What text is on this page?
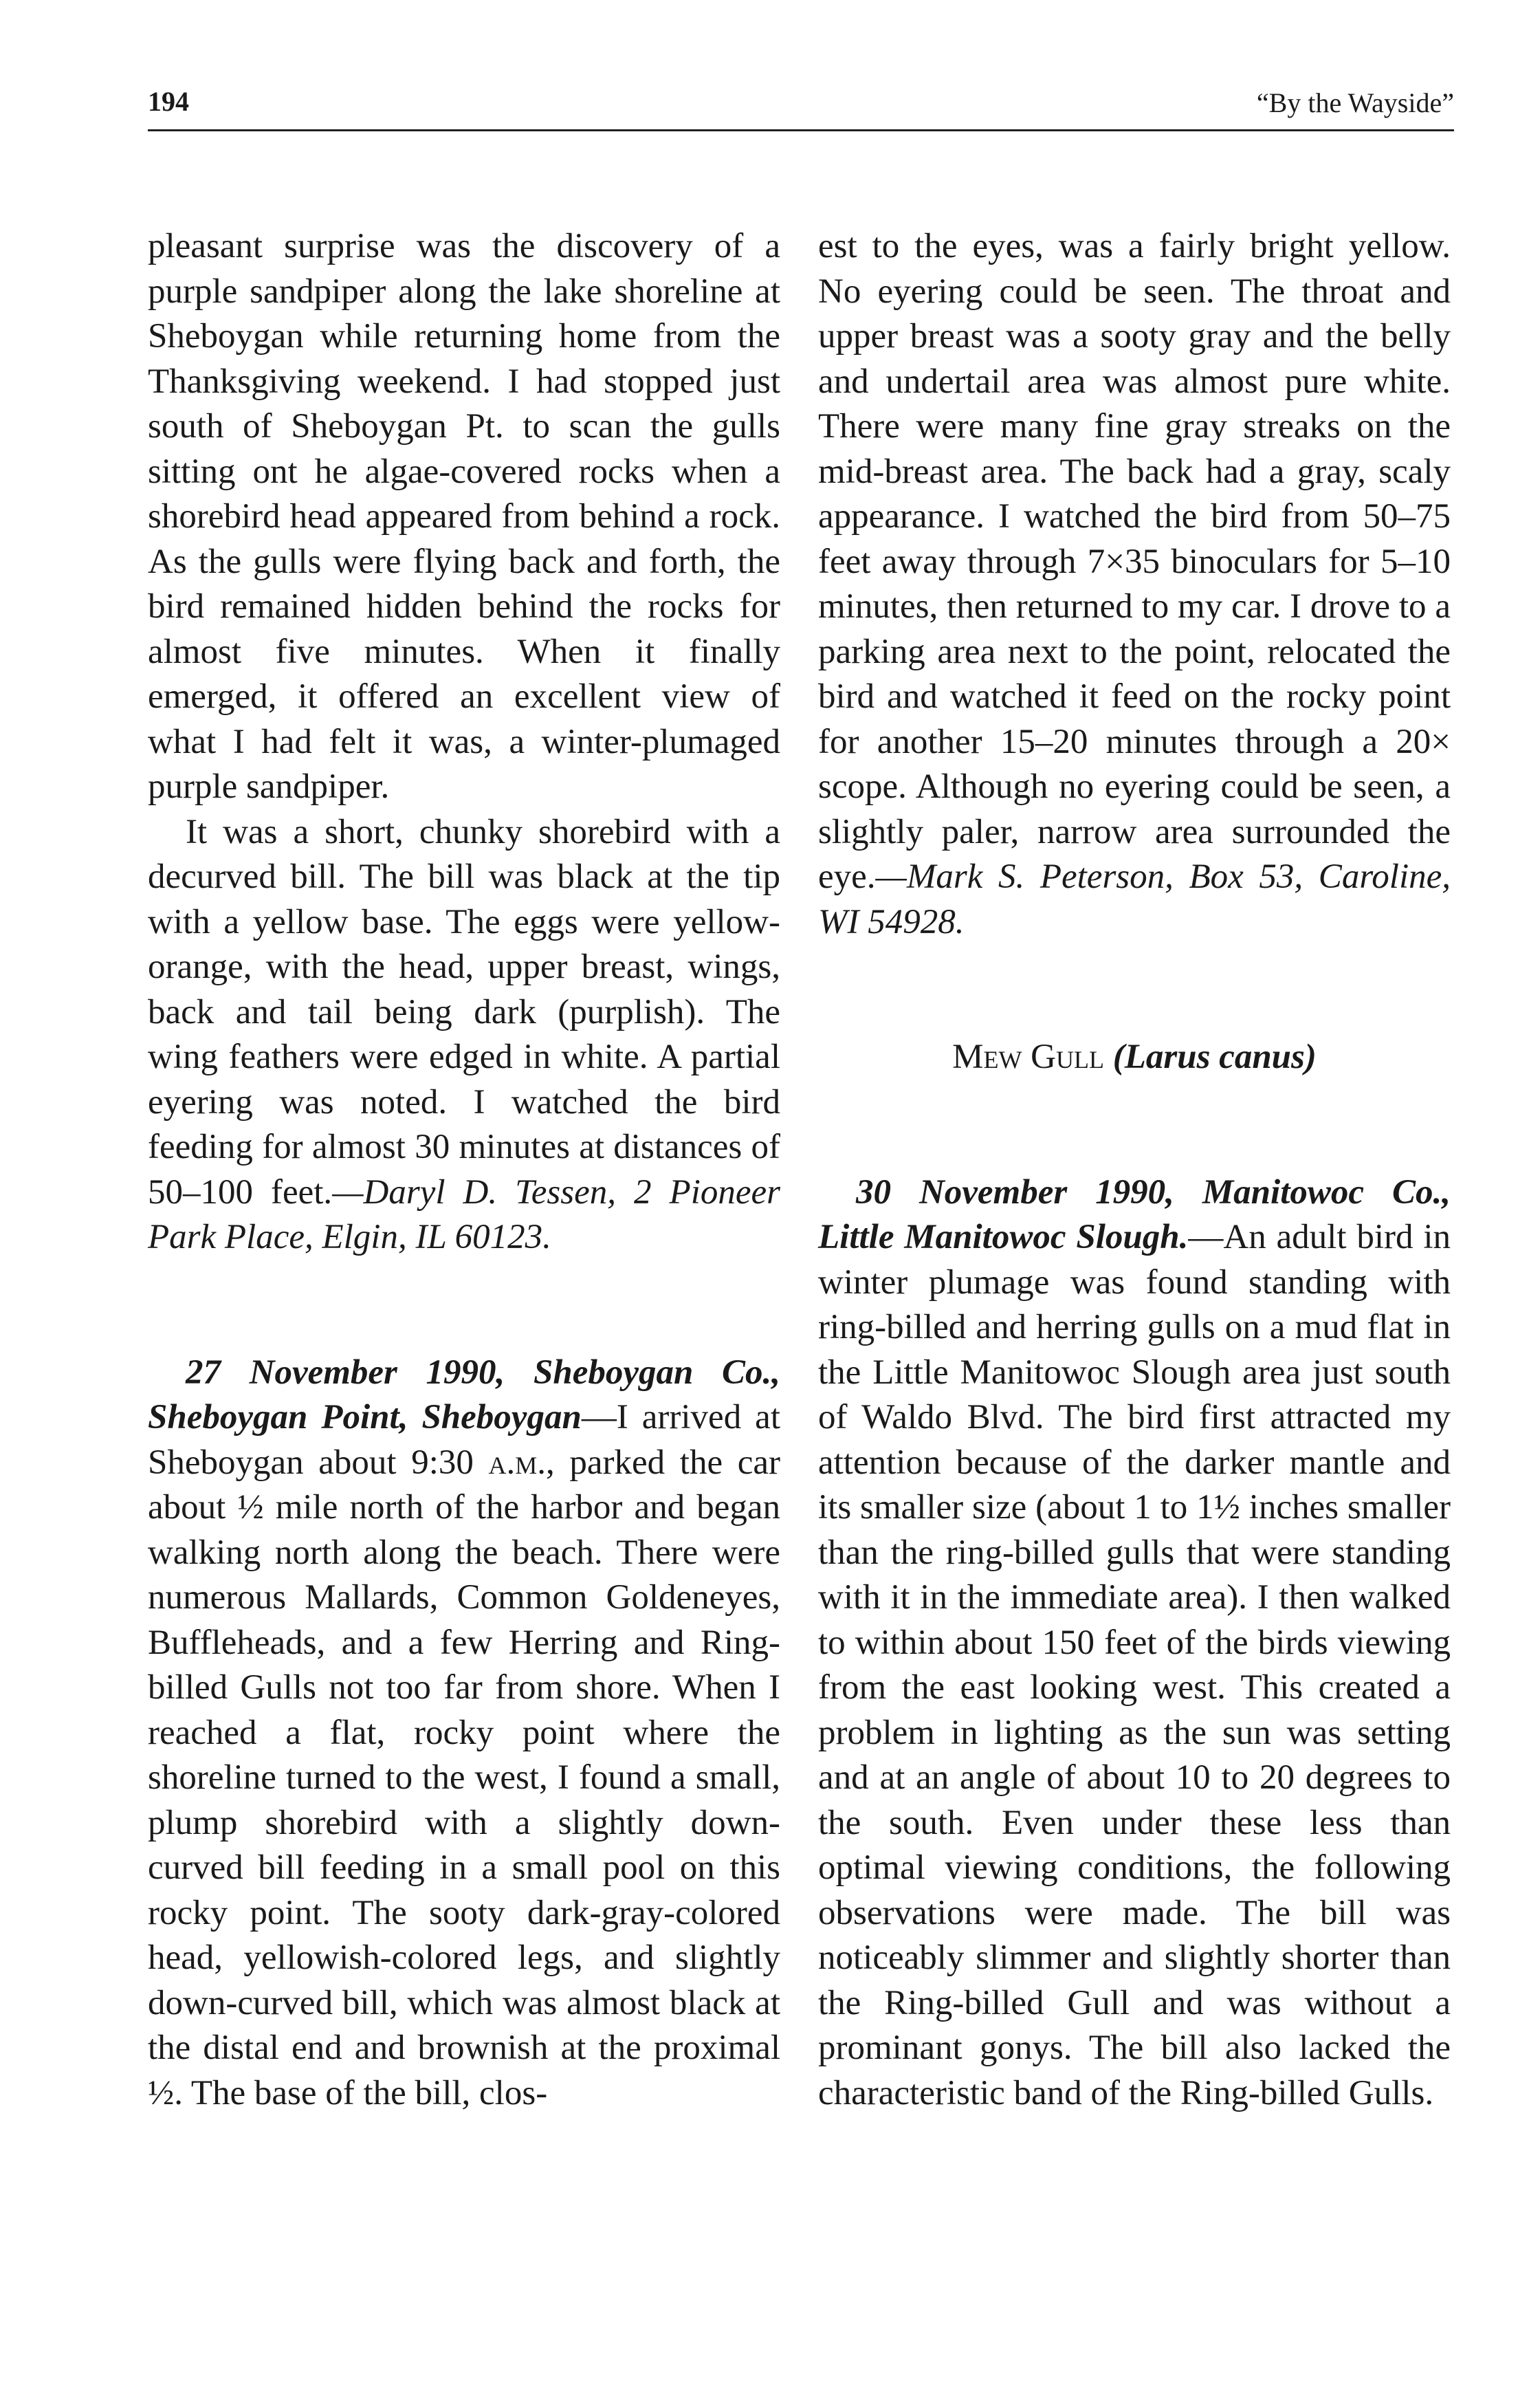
194	“By the Wayside”

pleasant surprise was the discovery of a purple sandpiper along the lake shoreline at Sheboygan while returning home from the Thanksgiving weekend. I had stopped just south of Sheboygan Pt. to scan the gulls sitting ont he algae-covered rocks when a shorebird head appeared from behind a rock. As the gulls were flying back and forth, the bird remained hidden behind the rocks for almost five minutes. When it finally emerged, it offered an excellent view of what I had felt it was, a winter-plumaged purple sandpiper.

It was a short, chunky shorebird with a decurved bill. The bill was black at the tip with a yellow base. The eggs were yellow-orange, with the head, upper breast, wings, back and tail being dark (purplish). The wing feathers were edged in white. A partial eyering was noted. I watched the bird feeding for almost 30 minutes at distances of 50–100 feet.—Daryl D. Tessen, 2 Pioneer Park Place, Elgin, IL 60123.

27 November 1990, Sheboygan Co., Sheboygan Point, Sheboygan—I arrived at Sheboygan about 9:30 a.m., parked the car about ½ mile north of the harbor and began walking north along the beach. There were numerous Mallards, Common Goldeneyes, Buffleheads, and a few Herring and Ring-billed Gulls not too far from shore. When I reached a flat, rocky point where the shoreline turned to the west, I found a small, plump shorebird with a slightly down-curved bill feeding in a small pool on this rocky point. The sooty dark-gray-colored head, yellowish-colored legs, and slightly down-curved bill, which was almost black at the distal end and brownish at the proximal ½. The base of the bill, clos-

est to the eyes, was a fairly bright yellow. No eyering could be seen. The throat and upper breast was a sooty gray and the belly and undertail area was almost pure white. There were many fine gray streaks on the mid-breast area. The back had a gray, scaly appearance. I watched the bird from 50–75 feet away through 7×35 binoculars for 5–10 minutes, then returned to my car. I drove to a parking area next to the point, relocated the bird and watched it feed on the rocky point for another 15–20 minutes through a 20× scope. Although no eyering could be seen, a slightly paler, narrow area surrounded the eye.—Mark S. Peterson, Box 53, Caroline, WI 54928.

Mew Gull (Larus canus)

30 November 1990, Manitowoc Co., Little Manitowoc Slough.—An adult bird in winter plumage was found standing with ring-billed and herring gulls on a mud flat in the Little Manitowoc Slough area just south of Waldo Blvd. The bird first attracted my attention because of the darker mantle and its smaller size (about 1 to 1½ inches smaller than the ring-billed gulls that were standing with it in the immediate area). I then walked to within about 150 feet of the birds viewing from the east looking west. This created a problem in lighting as the sun was setting and at an angle of about 10 to 20 degrees to the south. Even under these less than optimal viewing conditions, the following observations were made. The bill was noticeably slimmer and slightly shorter than the Ring-billed Gull and was without a prominant gonys. The bill also lacked the characteristic band of the Ring-billed Gulls.
